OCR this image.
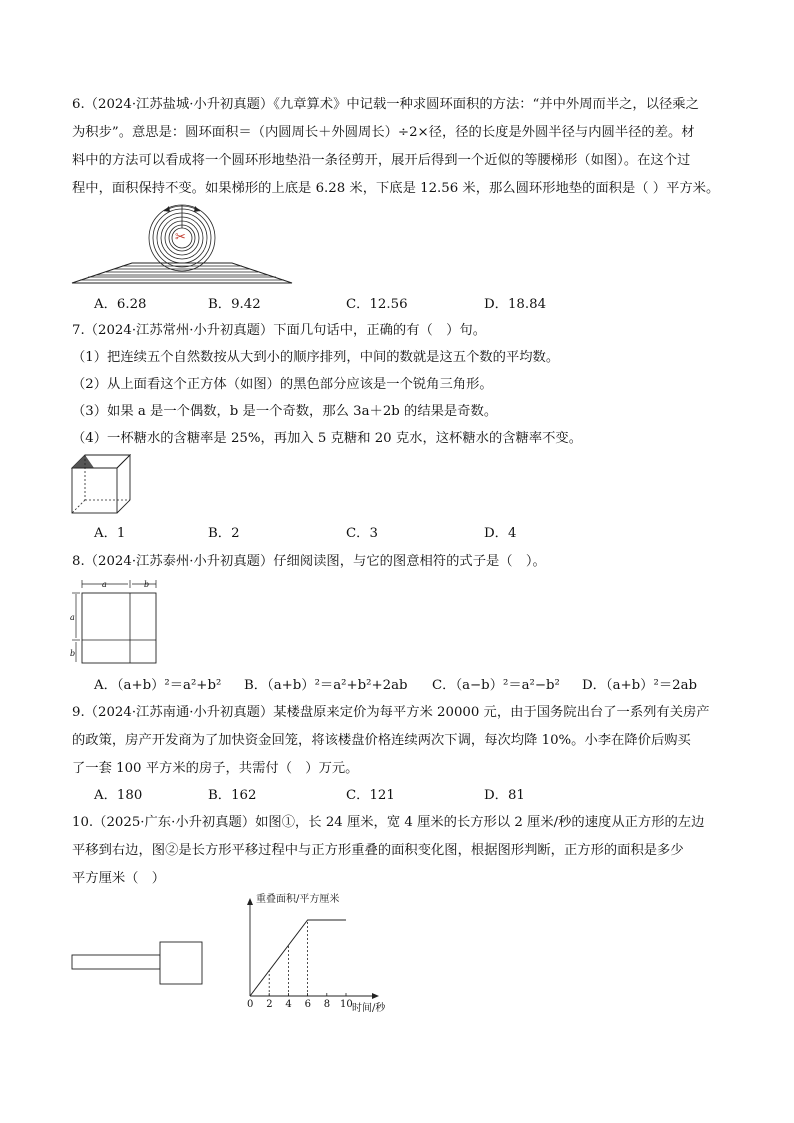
6.（2024·江苏盐城·小升初真题）《九章算术》中记载一种求圆环面积的方法：“并中外周而半之，以径乘之
为积步”。意思是：圆环面积＝（内圆周长＋外圆周长）÷2×径，径的长度是外圆半径与内圆半径的差。材
料中的方法可以看成将一个圆环形地垫沿一条径剪开，展开后得到一个近似的等腰梯形（如图）。在这个过
程中，面积保持不变。如果梯形的上底是 6.28 米，下底是 12.56 米，那么圆环形地垫的面积是（ ）平方米。
✂
A．6.28	B．9.42	C．12.56	D．18.84
7.（2024·江苏常州·小升初真题）下面几句话中，正确的有（　）句。
（1）把连续五个自然数按从大到小的顺序排列，中间的数就是这五个数的平均数。
（2）从上面看这个正方体（如图）的黑色部分应该是一个锐角三角形。
（3）如果 a 是一个偶数，b 是一个奇数，那么 3a＋2b 的结果是奇数。
（4）一杯糖水的含糖率是 25%，再加入 5 克糖和 20 克水，这杯糖水的含糖率不变。
A．1	B．2	C．3	D．4
8.（2024·江苏泰州·小升初真题）仔细阅读图，与它的图意相符的式子是（　）。
a	b
a
b
A．（a+b）²＝a²+b² B．（a+b）²＝a²+b²+2ab C．（a−b）²＝a²−b² D．（a+b）²＝2ab
9.（2024·江苏南通·小升初真题）某楼盘原来定价为每平方米 20000 元，由于国务院出台了一系列有关房产
的政策，房产开发商为了加快资金回笼，将该楼盘价格连续两次下调，每次均降 10%。小李在降价后购买
了一套 100 平方米的房子，共需付（　）万元。
A．180	B．162	C．121	D．81
10.（2025·广东·小升初真题）如图①，长 24 厘米，宽 4 厘米的长方形以 2 厘米/秒的速度从正方形的左边
平移到右边，图②是长方形平移过程中与正方形重叠的面积变化图，根据图形判断，正方形的面积是多少
平方厘米（　）
重叠面积/平方厘米
时间/秒
0 2 4 6 8 10
